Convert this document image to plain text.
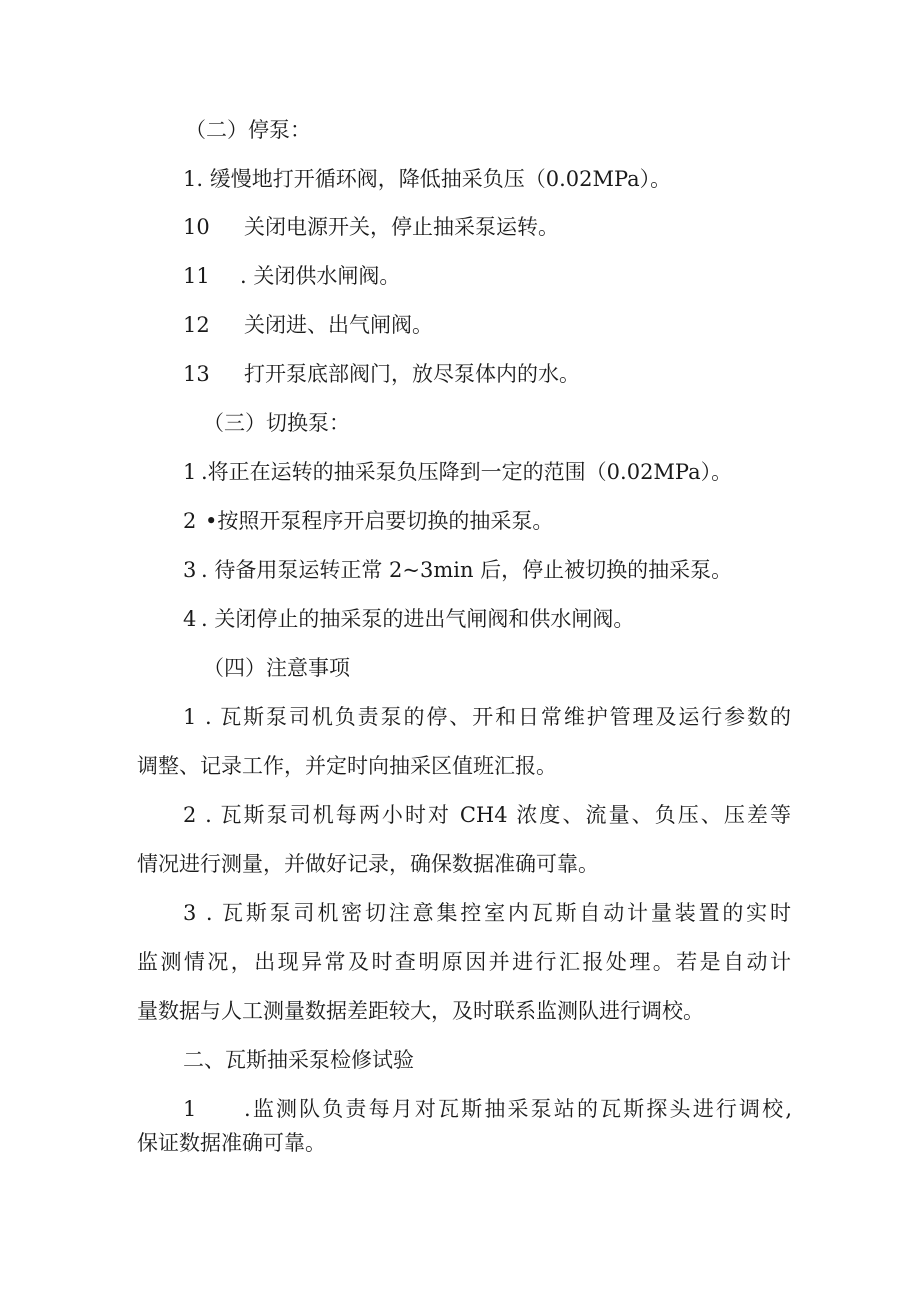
（二）停泵：
1. 缓慢地打开循环阀，降低抽采负压（0.02MPa）。
10 关闭电源开关，停止抽采泵运转。
11 . 关闭供水闸阀。
12 关闭进、出气闸阀。
13 打开泵底部阀门，放尽泵体内的水。
（三）切换泵：
1 .将正在运转的抽采泵负压降到一定的范围（0.02MPa）。
2 •按照开泵程序开启要切换的抽采泵。
3 . 待备用泵运转正常 2~3min 后，停止被切换的抽采泵。
4 . 关闭停止的抽采泵的进出气闸阀和供水闸阀。
（四）注意事项
1 . 瓦斯泵司机负责泵的停、开和日常维护管理及运行参数的
调整、记录工作，并定时向抽采区值班汇报。
2 . 瓦斯泵司机每两小时对 CH4 浓度、流量、负压、压差等
情况进行测量，并做好记录，确保数据准确可靠。
3 . 瓦斯泵司机密切注意集控室内瓦斯自动计量装置的实时
监测情况，出现异常及时查明原因并进行汇报处理。若是自动计
量数据与人工测量数据差距较大，及时联系监测队进行调校。
二、瓦斯抽采泵检修试验
1 .监测队负责每月对瓦斯抽采泵站的瓦斯探头进行调校,
保证数据准确可靠。
